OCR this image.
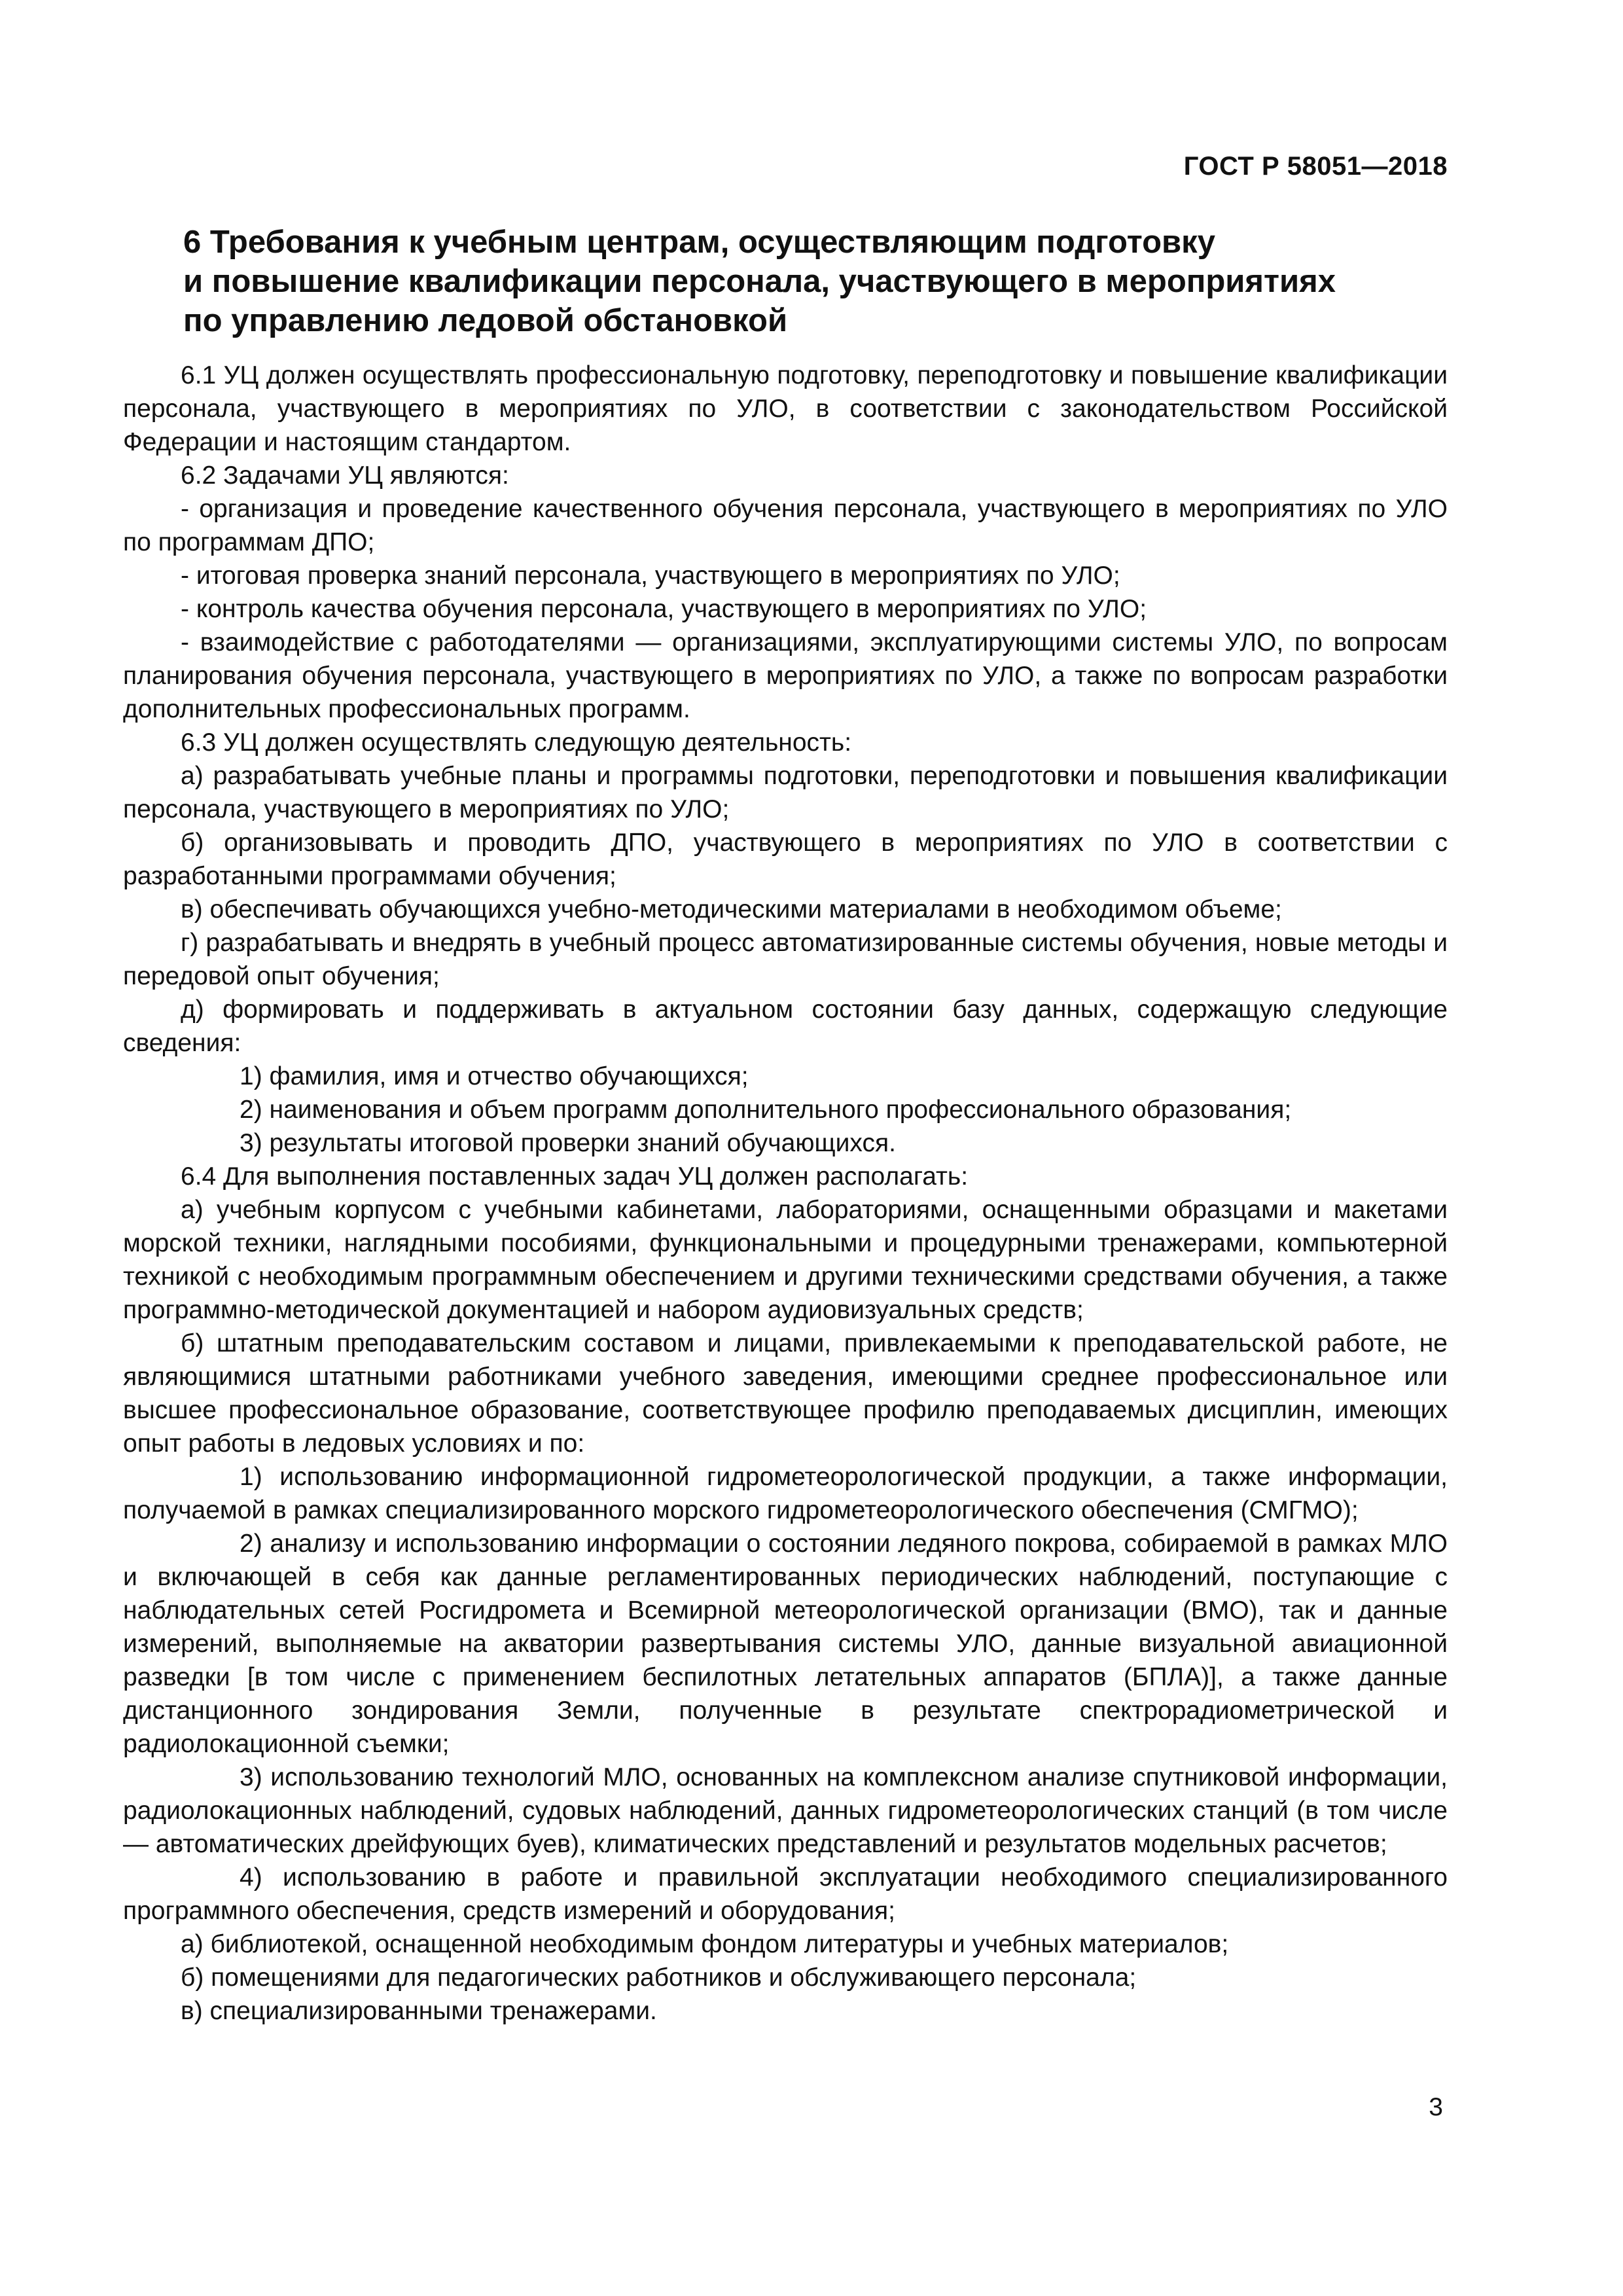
ГОСТ Р 58051—2018
6 Требования к учебным центрам, осуществляющим подготовку
и повышение квалификации персонала, участвующего в мероприятиях
по управлению ледовой обстановкой

6.1 УЦ должен осуществлять профессиональную подготовку, переподготовку и повышение квалификации персонала, участвующего в мероприятиях по УЛО, в соответствии с законодательством Российской Федерации и настоящим стандартом.

6.2 Задачами УЦ являются:

- организация и проведение качественного обучения персонала, участвующего в мероприятиях по УЛО по программам ДПО;

- итоговая проверка знаний персонала, участвующего в мероприятиях по УЛО;

- контроль качества обучения персонала, участвующего в мероприятиях по УЛО;

- взаимодействие с работодателями — организациями, эксплуатирующими системы УЛО, по вопросам планирования обучения персонала, участвующего в мероприятиях по УЛО, а также по вопросам разработки дополнительных профессиональных программ.

6.3 УЦ должен осуществлять следующую деятельность:

а) разрабатывать учебные планы и программы подготовки, переподготовки и повышения квалификации персонала, участвующего в мероприятиях по УЛО;

б) организовывать и проводить ДПО, участвующего в мероприятиях по УЛО в соответствии с разработанными программами обучения;

в) обеспечивать обучающихся учебно-методическими материалами в необходимом объеме;

г) разрабатывать и внедрять в учебный процесс автоматизированные системы обучения, новые методы и передовой опыт обучения;

д) формировать и поддерживать в актуальном состоянии базу данных, содержащую следующие сведения:

1) фамилия, имя и отчество обучающихся;

2) наименования и объем программ дополнительного профессионального образования;

3) результаты итоговой проверки знаний обучающихся.

6.4 Для выполнения поставленных задач УЦ должен располагать:

а) учебным корпусом с учебными кабинетами, лабораториями, оснащенными образцами и макетами морской техники, наглядными пособиями, функциональными и процедурными тренажерами, компьютерной техникой с необходимым программным обеспечением и другими техническими средствами обучения, а также программно-методической документацией и набором аудиовизуальных средств;

б) штатным преподавательским составом и лицами, привлекаемыми к преподавательской работе, не являющимися штатными работниками учебного заведения, имеющими среднее профессиональное или высшее профессиональное образование, соответствующее профилю преподаваемых дисциплин, имеющих опыт работы в ледовых условиях и по:

1) использованию информационной гидрометеорологической продукции, а также информации, получаемой в рамках специализированного морского гидрометеорологического обеспечения (СМГМО);

2) анализу и использованию информации о состоянии ледяного покрова, собираемой в рамках МЛО и включающей в себя как данные регламентированных периодических наблюдений, поступающие с наблюдательных сетей Росгидромета и Всемирной метеорологической организации (ВМО), так и данные измерений, выполняемые на акватории развертывания системы УЛО, данные визуальной авиационной разведки [в том числе с применением беспилотных летательных аппаратов (БПЛА)], а также данные дистанционного зондирования Земли, полученные в результате спектрорадиометрической и радиолокационной съемки;

3) использованию технологий МЛО, основанных на комплексном анализе спутниковой информации, радиолокационных наблюдений, судовых наблюдений, данных гидрометеорологических станций (в том числе — автоматических дрейфующих буев), климатических представлений и результатов модельных расчетов;

4) использованию в работе и правильной эксплуатации необходимого специализированного программного обеспечения, средств измерений и оборудования;

а) библиотекой, оснащенной необходимым фондом литературы и учебных материалов;

б) помещениями для педагогических работников и обслуживающего персонала;

в) специализированными тренажерами.

3
